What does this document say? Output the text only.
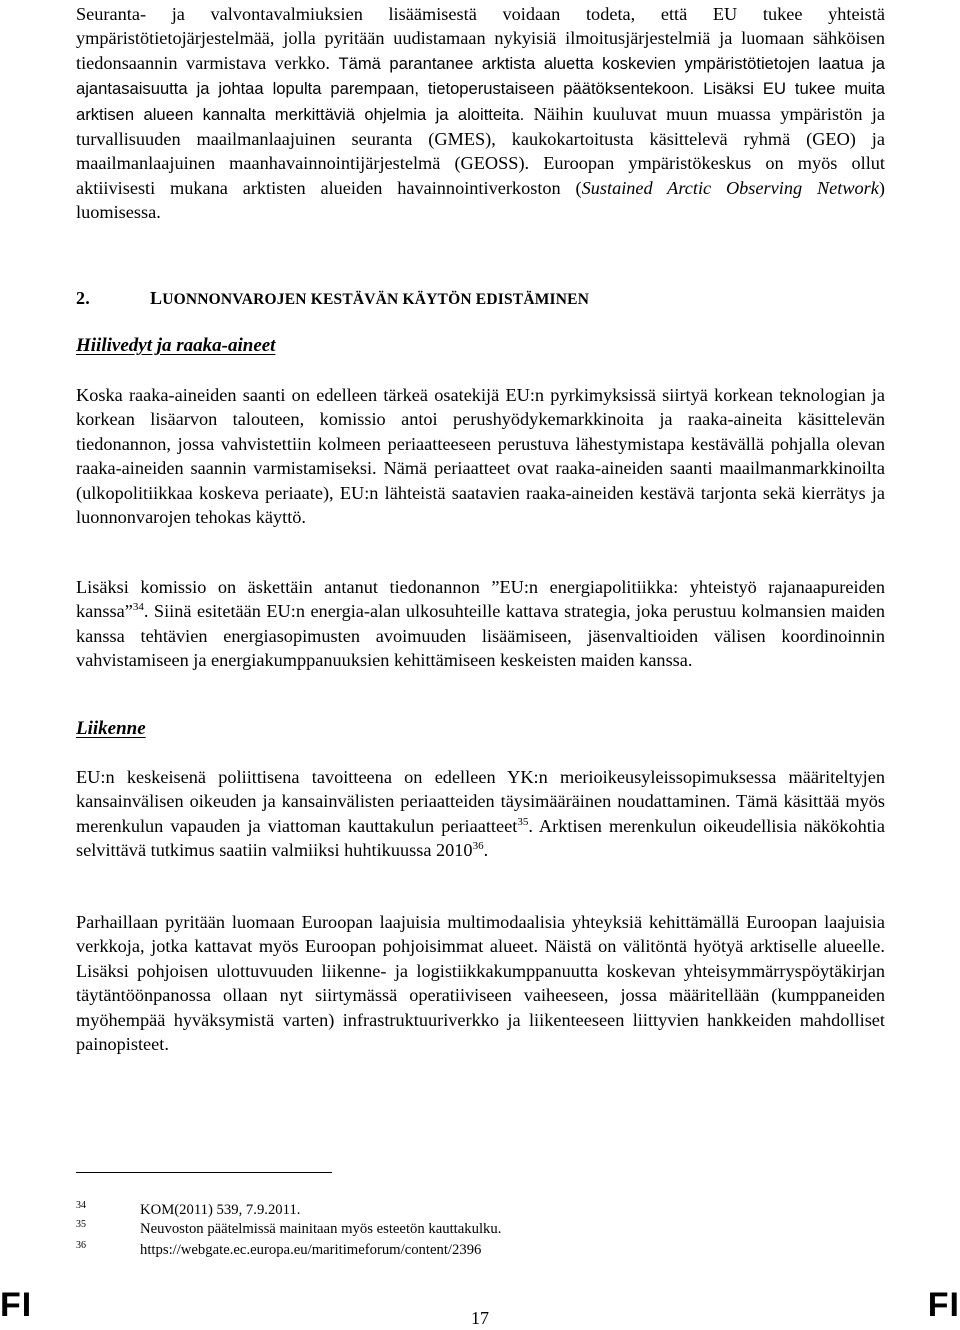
Seuranta- ja valvontavalmiuksien lisäämisestä voidaan todeta, että EU tukee yhteistä ympäristötietojärjestelmää, jolla pyritään uudistamaan nykyisiä ilmoitusjärjestelmiä ja luomaan sähköisen tiedonsaannin varmistava verkko. Tämä parantanee arktista aluetta koskevien ympäristötietojen laatua ja ajantasaisuutta ja johtaa lopulta parempaan, tietoperustaiseen päätöksentekoon. Lisäksi EU tukee muita arktisen alueen kannalta merkittäviä ohjelmia ja aloitteita. Näihin kuuluvat muun muassa ympäristön ja turvallisuuden maailmanlaajuinen seuranta (GMES), kaukokartoitusta käsittelevä ryhmä (GEO) ja maailmanlaajuinen maanhavainnointijärjestelmä (GEOSS). Euroopan ympäristökeskus on myös ollut aktiivisesti mukana arktisten alueiden havainnointiverkoston (Sustained Arctic Observing Network) luomisessa.

2.	LUONNONVAROJEN KESTÄVÄN KÄYTÖN EDISTÄMINEN
Hiilivedyt ja raaka-aineet

Koska raaka-aineiden saanti on edelleen tärkeä osatekijä EU:n pyrkimyksissä siirtyä korkean teknologian ja korkean lisäarvon talouteen, komissio antoi perushyödykemarkkinoita ja raaka-aineita käsittelevän tiedonannon, jossa vahvistettiin kolmeen periaatteeseen perustuva lähestymistapa kestävällä pohjalla olevan raaka-aineiden saannin varmistamiseksi. Nämä periaatteet ovat raaka-aineiden saanti maailmanmarkkinoilta (ulkopolitiikkaa koskeva periaate), EU:n lähteistä saatavien raaka-aineiden kestävä tarjonta sekä kierrätys ja luonnonvarojen tehokas käyttö.

Lisäksi komissio on äskettäin antanut tiedonannon ”EU:n energiapolitiikka: yhteistyö rajanaapureiden kanssa”$^{34}$. Siinä esitetään EU:n energia-alan ulkosuhteille kattava strategia, joka perustuu kolmansien maiden kanssa tehtävien energiasopimusten avoimuuden lisäämiseen, jäsenvaltioiden välisen koordinoinnin vahvistamiseen ja energiakumppanuuksien kehittämiseen keskeisten maiden kanssa.

Liikenne

EU:n keskeisenä poliittisena tavoitteena on edelleen YK:n merioikeusyleissopimuksessa määriteltyjen kansainvälisen oikeuden ja kansainvälisten periaatteiden täysimääräinen noudattaminen. Tämä käsittää myös merenkulun vapauden ja viattoman kauttakulun periaatteet$^{35}$. Arktisen merenkulun oikeudellisia näkökohtia selvittävä tutkimus saatiin valmiiksi huhtikuussa 2010$^{36}$.

Parhaillaan pyritään luomaan Euroopan laajuisia multimodaalisia yhteyksiä kehittämällä Euroopan laajuisia verkkoja, jotka kattavat myös Euroopan pohjoisimmat alueet. Näistä on välitöntä hyötyä arktiselle alueelle. Lisäksi pohjoisen ulottuvuuden liikenne- ja logistiikkakumppanuutta koskevan yhteisymmärryspöytäkirjan täytäntöönpanossa ollaan nyt siirtymässä operatiiviseen vaiheeseen, jossa määritellään (kumppaneiden myöhempää hyväksymistä varten) infrastruktuuriverkko ja liikenteeseen liittyvien hankkeiden mahdolliset painopisteet.

34	KOM(2011) 539, 7.9.2011.
35	Neuvoston päätelmissä mainitaan myös esteetön kauttakulku.
36	https://webgate.ec.europa.eu/maritimeforum/content/2396
FI	FI
17
